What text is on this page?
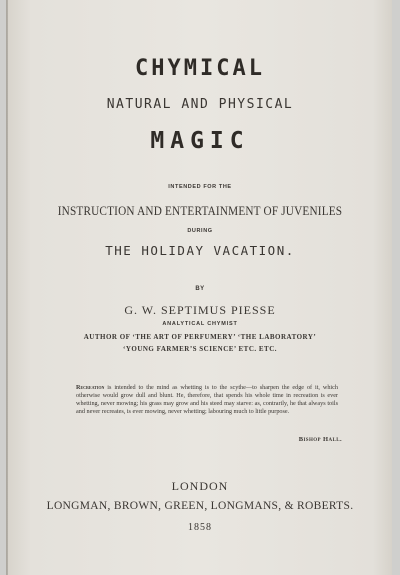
CHYMICAL
NATURAL AND PHYSICAL
MAGIC
INTENDED FOR THE
INSTRUCTION AND ENTERTAINMENT OF JUVENILES
DURING
THE HOLIDAY VACATION.
BY
G. W. SEPTIMUS PIESSE
ANALYTICAL CHYMIST
AUTHOR OF ‘THE ART OF PERFUMERY’ ‘THE LABORATORY’
‘YOUNG FARMER’S SCIENCE’ ETC. ETC.
Recreation is intended to the mind as whetting is to the scythe—to sharpen the edge of it, which otherwise would grow dull and blunt. He, therefore, that spends his whole time in recreation is ever whetting, never mowing; his grass may grow and his steed may starve: as, contrarily, he that always toils and never recreates, is ever mowing, never whetting; labouring much to little purpose.
Bishop Hall.
LONDON
LONGMAN, BROWN, GREEN, LONGMANS, & ROBERTS.
1858
